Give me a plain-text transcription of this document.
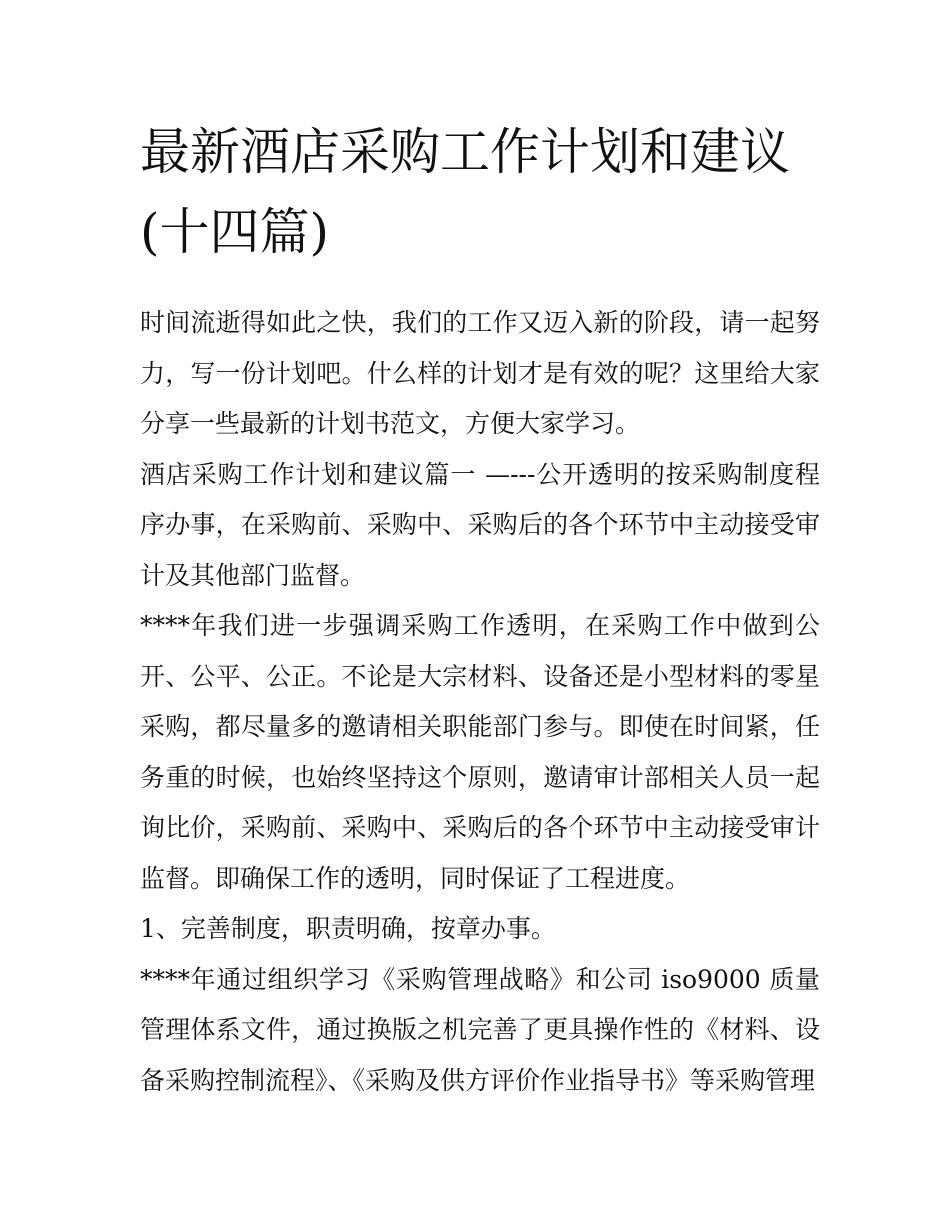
最新酒店采购工作计划和建议(十四篇)

时间流逝得如此之快，我们的工作又迈入新的阶段，请一起努力，写一份计划吧。什么样的计划才是有效的呢？这里给大家分享一些最新的计划书范文，方便大家学习。

酒店采购工作计划和建议篇一 —---公开透明的按采购制度程序办事，在采购前、采购中、采购后的各个环节中主动接受审计及其他部门监督。

****年我们进一步强调采购工作透明，在采购工作中做到公开、公平、公正。不论是大宗材料、设备还是小型材料的零星采购，都尽量多的邀请相关职能部门参与。即使在时间紧，任务重的时候，也始终坚持这个原则，邀请审计部相关人员一起询比价，采购前、采购中、采购后的各个环节中主动接受审计监督。即确保工作的透明，同时保证了工程进度。

1、完善制度，职责明确，按章办事。

****年通过组织学习《采购管理战略》和公司 iso9000 质量管理体系文件，通过换版之机完善了更具操作性的《材料、设备采购控制流程》、《采购及供方评价作业指导书》等采购管理
